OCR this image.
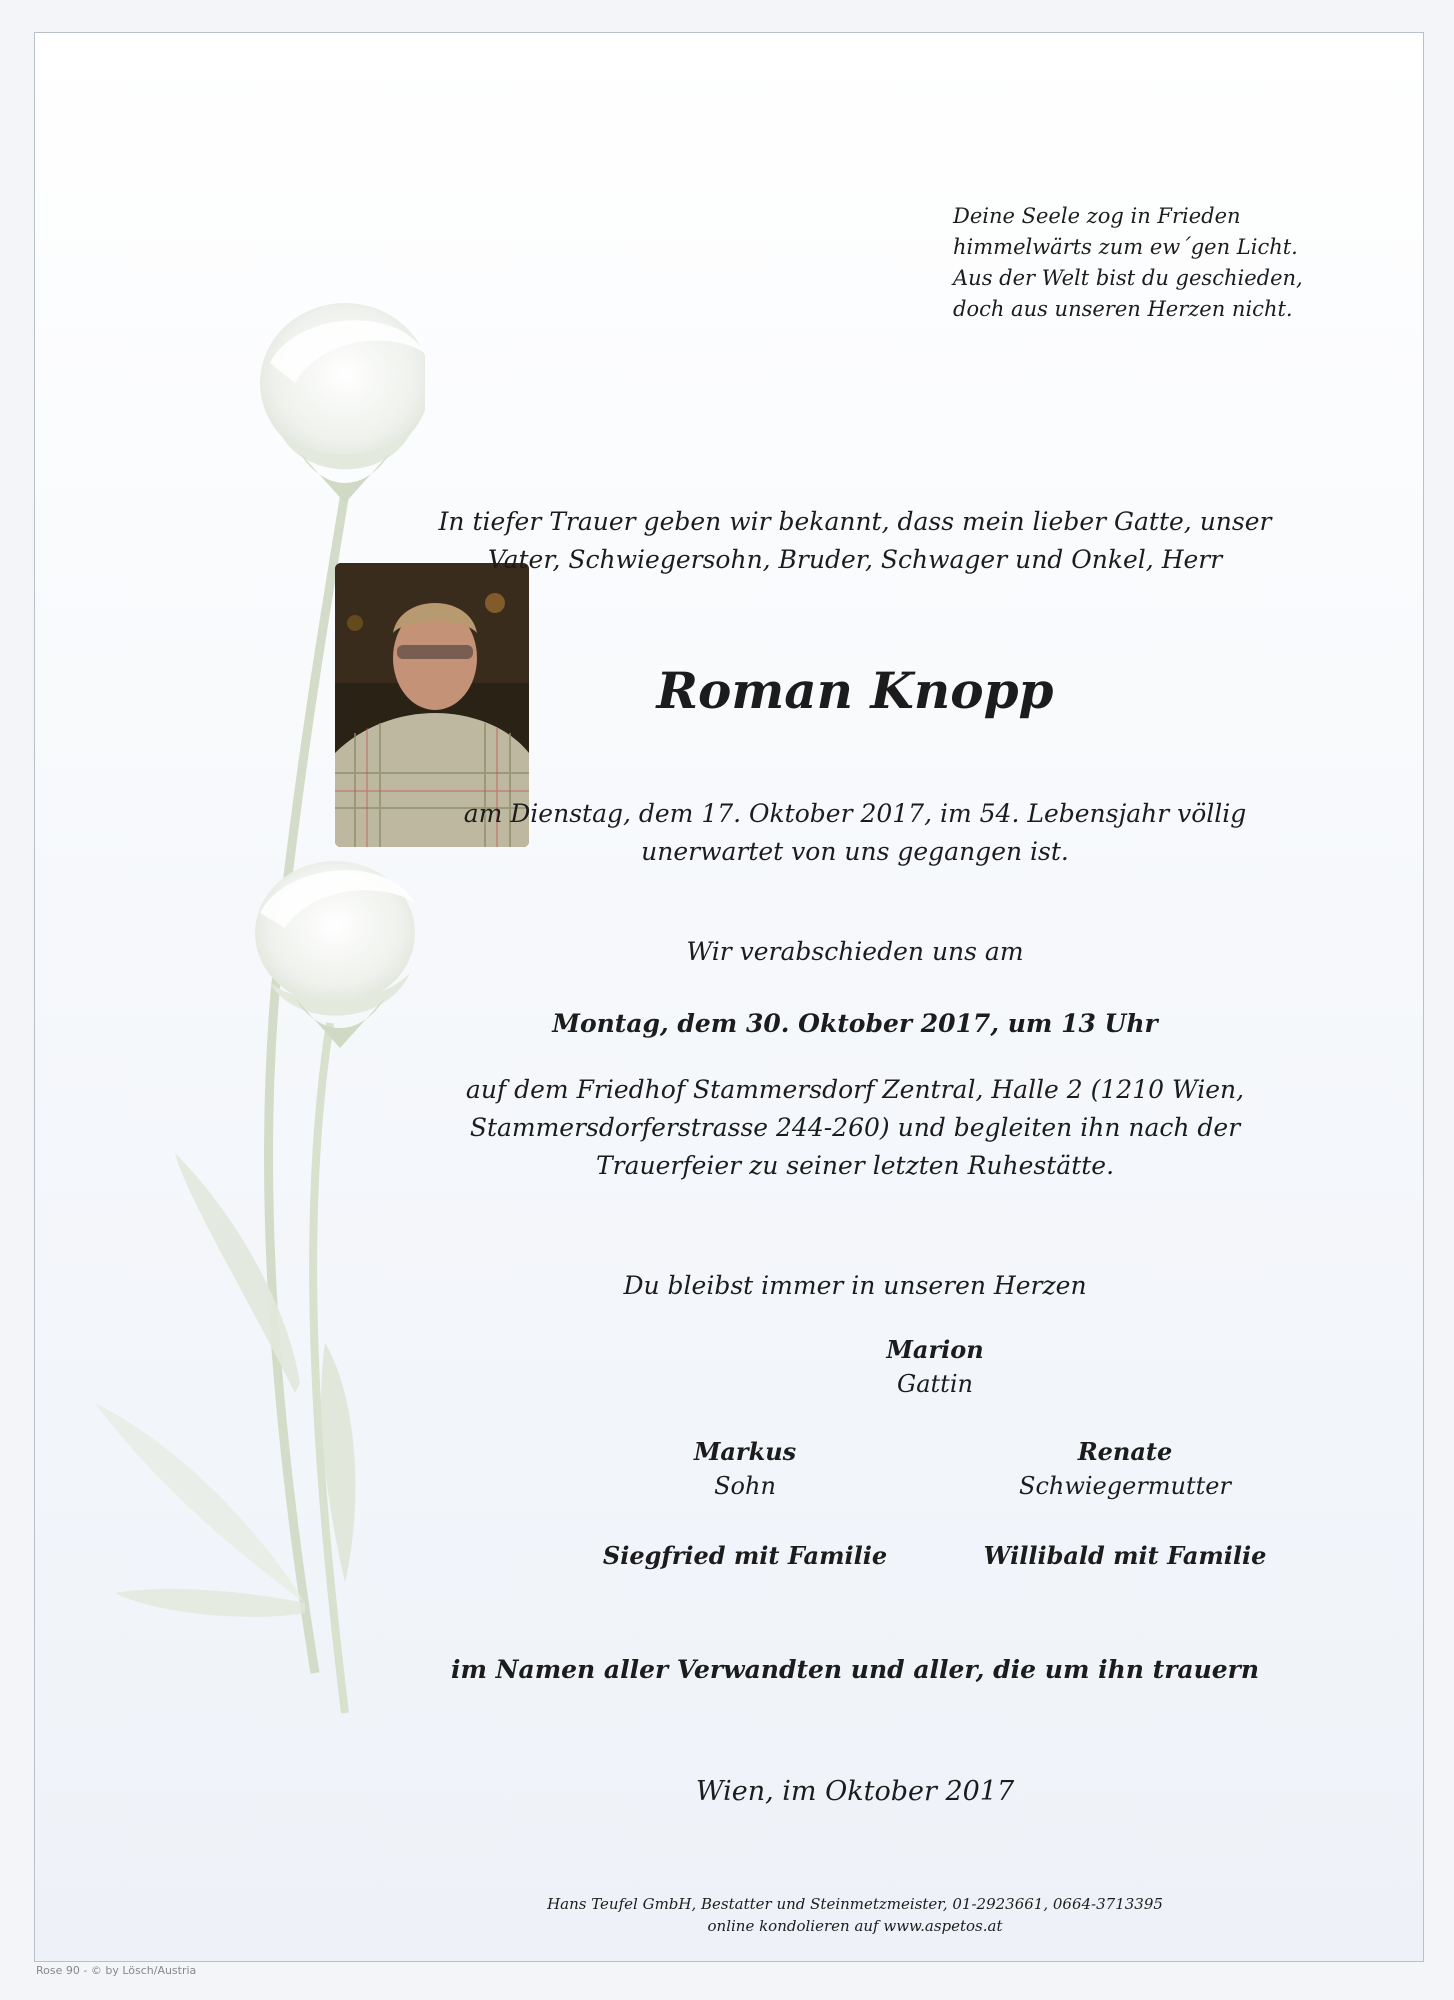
Deine Seele zog in Frieden
himmelwärts zum ew´gen Licht.
Aus der Welt bist du geschieden,
doch aus unseren Herzen nicht.
In tiefer Trauer geben wir bekannt, dass mein lieber Gatte, unser
Vater, Schwiegersohn, Bruder, Schwager und Onkel, Herr
Roman Knopp
am Dienstag, dem 17. Oktober 2017, im 54. Lebensjahr völlig
unerwartet von uns gegangen ist.
Wir verabschieden uns am
Montag, dem 30. Oktober 2017, um 13 Uhr
auf dem Friedhof Stammersdorf Zentral, Halle 2 (1210 Wien,
Stammersdorferstrasse 244-260) und begleiten ihn nach der
Trauerfeier zu seiner letzten Ruhestätte.
Du bleibst immer in unseren Herzen
Marion
Gattin
Markus
Sohn
Renate
Schwiegermutter
Siegfried mit Familie	Willibald mit Familie
im Namen aller Verwandten und aller, die um ihn trauern
Wien, im Oktober 2017
Hans Teufel GmbH, Bestatter und Steinmetzmeister, 01-2923661, 0664-3713395
online kondolieren auf www.aspetos.at
Rose 90 - © by Lösch/Austria
